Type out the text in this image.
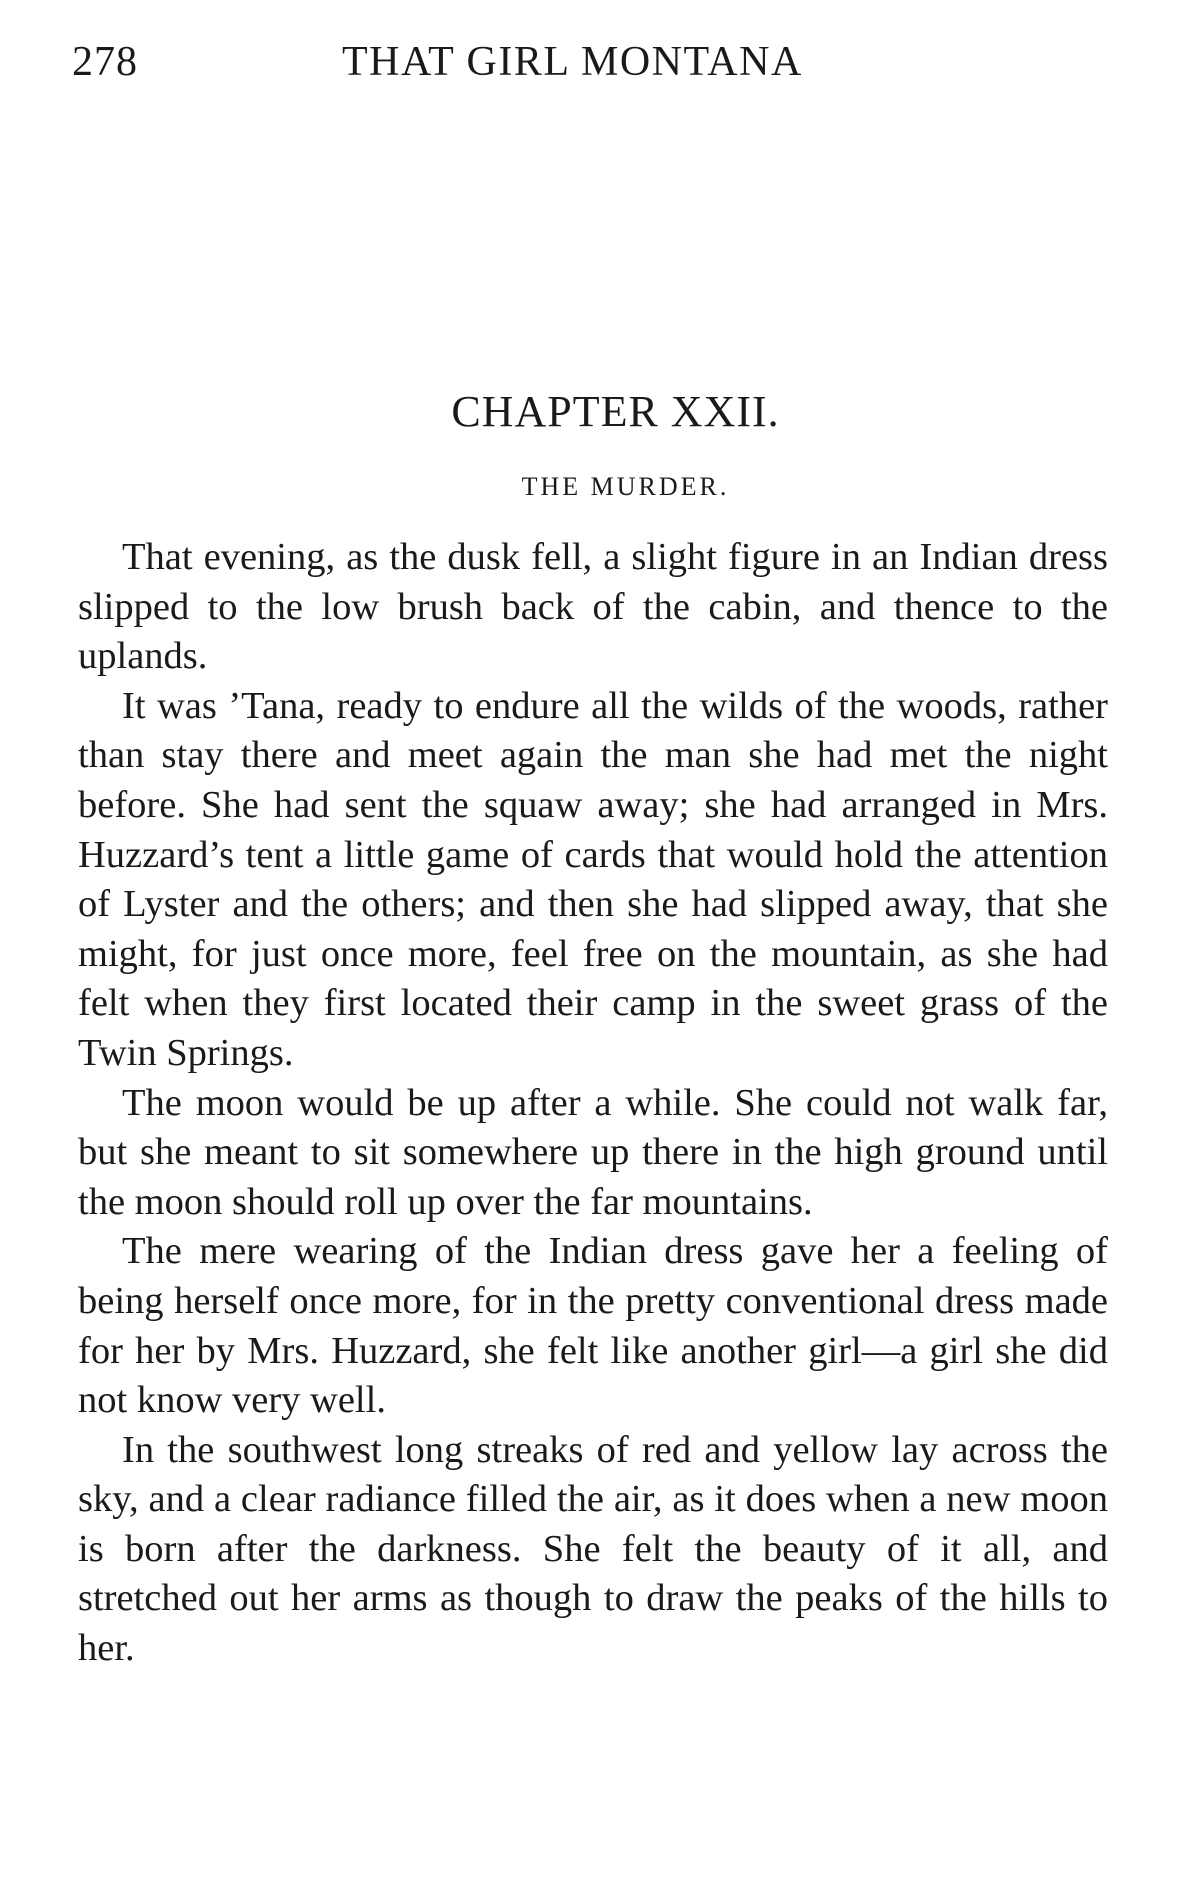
278	THAT GIRL MONTANA
CHAPTER XXII.
THE MURDER.

That evening, as the dusk fell, a slight figure in an Indian dress slipped to the low brush back of the cabin, and thence to the uplands.

It was ’Tana, ready to endure all the wilds of the woods, rather than stay there and meet again the man she had met the night before. She had sent the squaw away; she had arranged in Mrs. Huzzard’s tent a little game of cards that would hold the attention of Lyster and the others; and then she had slipped away, that she might, for just once more, feel free on the mountain, as she had felt when they first located their camp in the sweet grass of the Twin Springs.

The moon would be up after a while. She could not walk far, but she meant to sit somewhere up there in the high ground until the moon should roll up over the far mountains.

The mere wearing of the Indian dress gave her a feeling of being herself once more, for in the pretty conventional dress made for her by Mrs. Huzzard, she felt like another girl—a girl she did not know very well.

In the southwest long streaks of red and yellow lay across the sky, and a clear radiance filled the air, as it does when a new moon is born after the darkness. She felt the beauty of it all, and stretched out her arms as though to draw the peaks of the hills to her.
